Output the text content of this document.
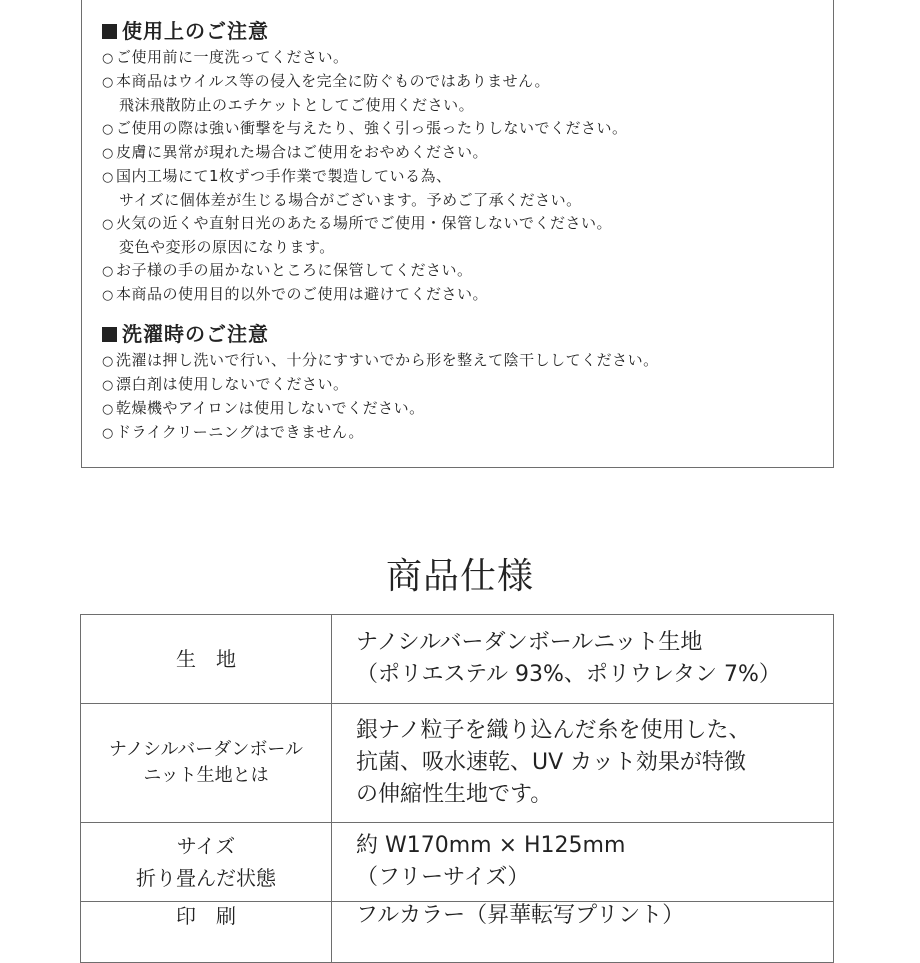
使用上のご注意
○ ご使用前に一度洗ってください。
○ 本商品はウイルス等の侵入を完全に防ぐものではありません。
飛沫飛散防止のエチケットとしてご使用ください。
○ ご使用の際は強い衝撃を与えたり、強く引っ張ったりしないでください。
○ 皮膚に異常が現れた場合はご使用をおやめください。
○ 国内工場にて1枚ずつ手作業で製造している為、
サイズに個体差が生じる場合がございます。予めご了承ください。
○ 火気の近くや直射日光のあたる場所でご使用・保管しないでください。
変色や変形の原因になります。
○ お子様の手の届かないところに保管してください。
○ 本商品の使用目的以外でのご使用は避けてください。
洗濯時のご注意
○ 洗濯は押し洗いで行い、十分にすすいでから形を整えて陰干ししてください。
○ 漂白剤は使用しないでください。
○ 乾燥機やアイロンは使用しないでください。
○ ドライクリーニングはできません。
商品仕様
生　地	ナノシルバーダンボールニット生地
（ポリエステル 93%、ポリウレタン 7%）

ナノシルバーダンボール
ニット生地とは	銀ナノ粒子を織り込んだ糸を使用した、
抗菌、吸水速乾、UV カット効果が特徴
の伸縮性生地です。

サイズ
折り畳んだ状態	約 W170mm × H125mm
（フリーサイズ）

印　刷	フルカラー（昇華転写プリント）
